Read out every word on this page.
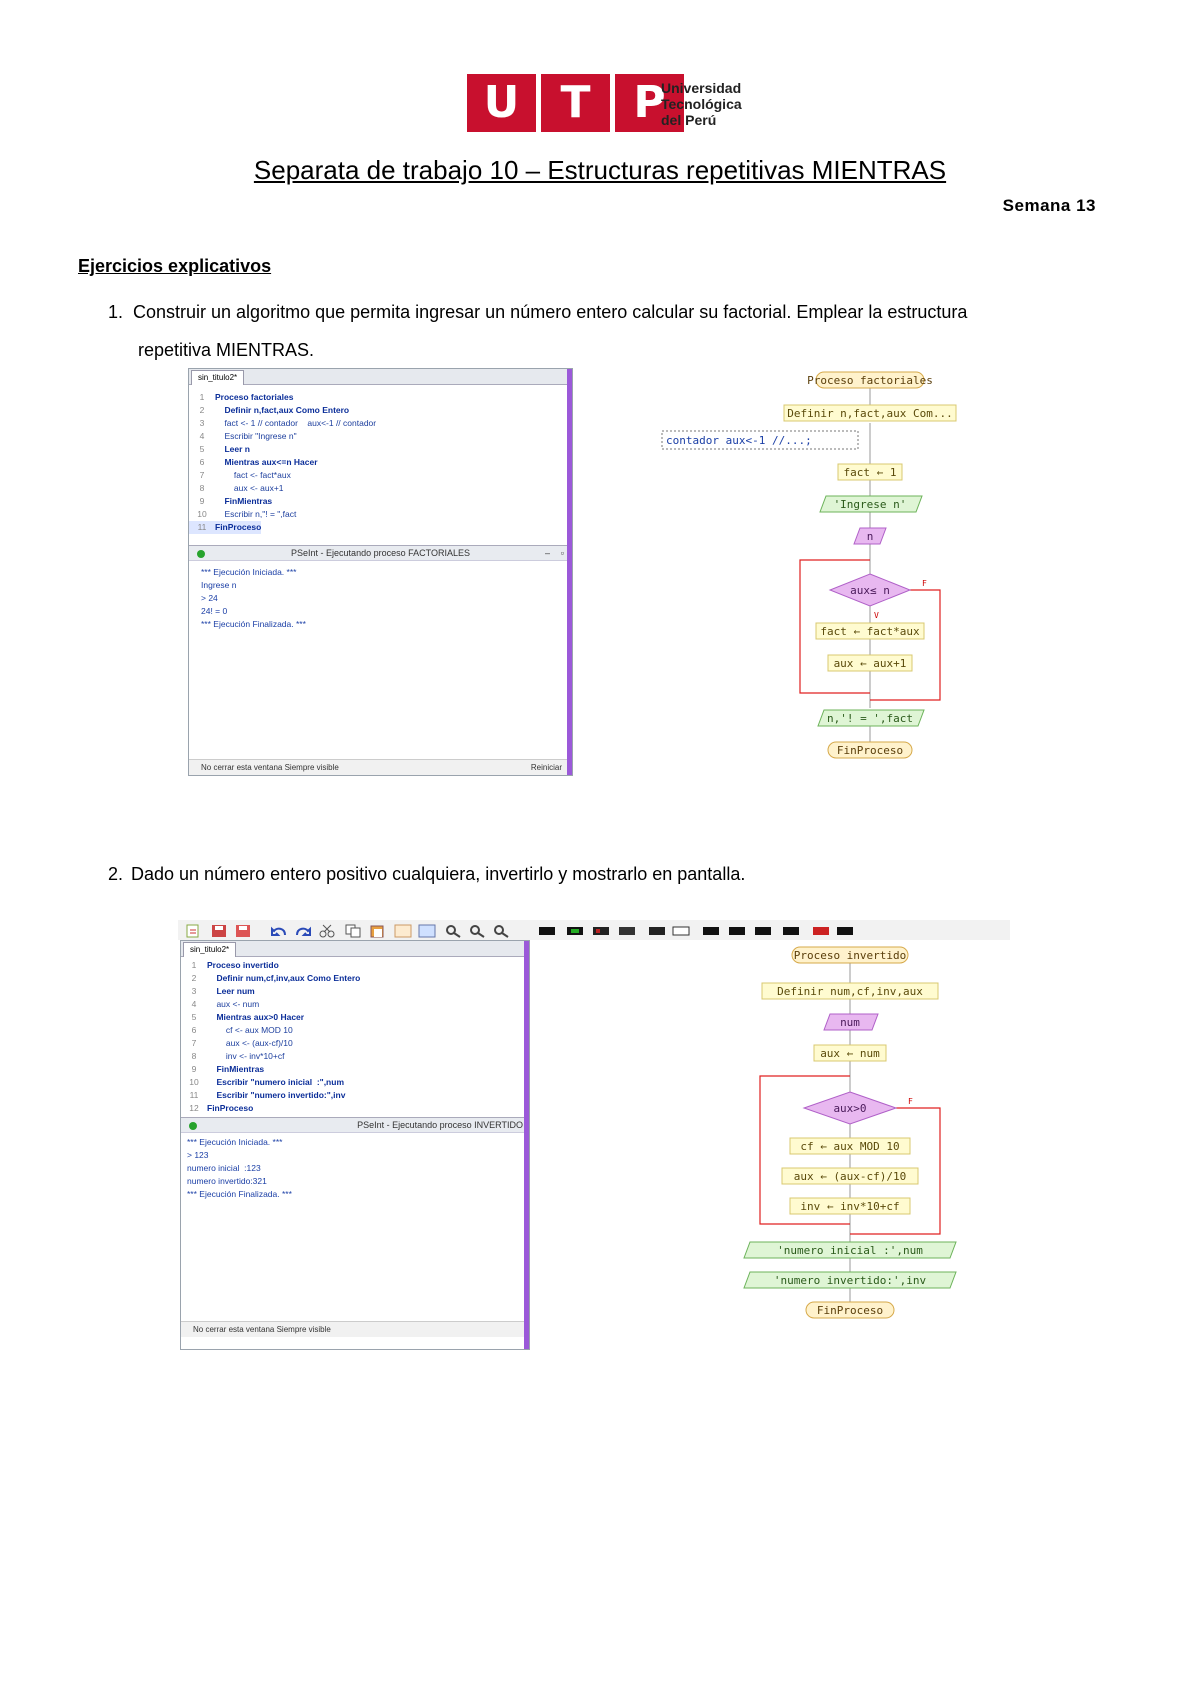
U T P
Universidad
Tecnológica
del Perú
Separata de trabajo 10 – Estructuras repetitivas MIENTRAS
Semana 13
Ejercicios explicativos
1. Construir un algoritmo que permita ingresar un número entero calcular su factorial. Emplear la estructura
repetitiva MIENTRAS.
sin_titulo2*
1 Proceso factoriales
2    Definir n,fact,aux Como Entero
3    fact <- 1 // contador    aux<-1 // contador
4    Escribir "Ingrese n"
5    Leer n
6    Mientras aux<=n Hacer
7        fact <- fact*aux
8        aux <- aux+1
9    FinMientras
10    Escribir n,"! = ",fact
11 FinProceso
PSeInt - Ejecutando proceso FACTORIALES	– ▫
*** Ejecución Iniciada. ***
Ingrese n
> 24
24! = 0
*** Ejecución Finalizada. ***
No cerrar esta ventana Siempre visible	Reiniciar
Proceso factoriales
Definir n,fact,aux Com...
contador aux<-1 //...;
fact ← 1
'Ingrese n'
n
aux≤ n
V
F
fact ← fact*aux
aux ← aux+1
n,'! = ',fact
FinProceso
2. Dado un número entero positivo cualquiera, invertirlo y mostrarlo en pantalla.
sin_titulo2*
1 Proceso invertido
2    Definir num,cf,inv,aux Como Entero
3    Leer num
4    aux <- num
5    Mientras aux>0 Hacer
6        cf <- aux MOD 10
7        aux <- (aux-cf)/10
8        inv <- inv*10+cf
9    FinMientras
10    Escribir "numero inicial  :",num
11    Escribir "numero invertido:",inv
12 FinProceso
PSeInt - Ejecutando proceso INVERTIDO
*** Ejecución Iniciada. ***
> 123
numero inicial  :123
numero invertido:321
*** Ejecución Finalizada. ***
No cerrar esta ventana Siempre visible
Proceso invertido
Definir num,cf,inv,aux
num
aux ← num
aux>0
F
cf ← aux MOD 10
aux ← (aux-cf)/10
inv ← inv*10+cf
'numero inicial :',num
'numero invertido:',inv
FinProceso
